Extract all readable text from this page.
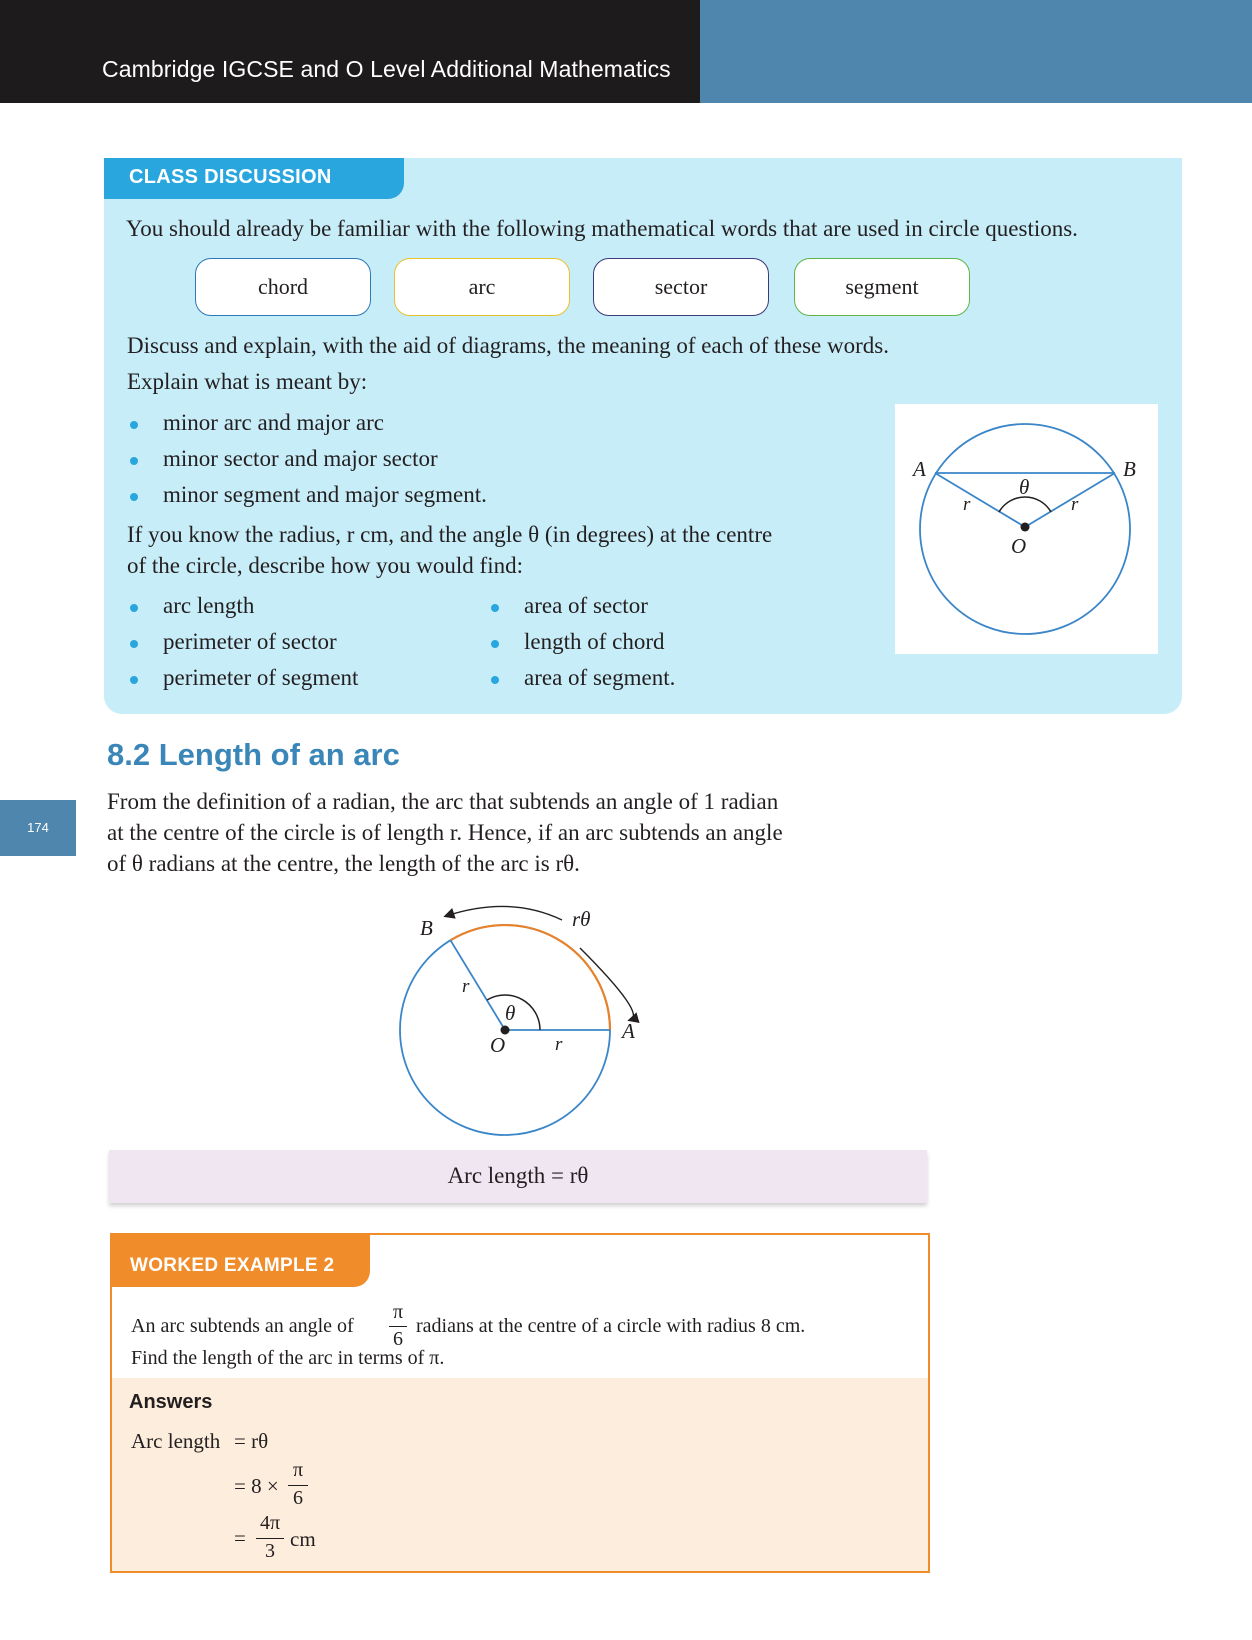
Cambridge IGCSE and O Level Additional Mathematics
CLASS DISCUSSION
You should already be familiar with the following mathematical words that are used in circle questions.
chord	arc	sector	segment
Discuss and explain, with the aid of diagrams, the meaning of each of these words.
Explain what is meant by:
minor arc and major arc
minor sector and major sector
minor segment and major segment.
If you know the radius, r cm, and the angle θ (in degrees) at the centre
of the circle, describe how you would find:
arc length
perimeter of sector
perimeter of segment
area of sector
length of chord
area of segment.
A	B
θ
r	r
O
8.2 Length of an arc
174
From the definition of a radian, the arc that subtends an angle of 1 radian
at the centre of the circle is of length r. Hence, if an arc subtends an angle
of θ radians at the centre, the length of the arc is rθ.
B	rθ
r
θ
O	r
A
Arc length = rθ
WORKED EXAMPLE 2
An arc subtends an angle of
π
6
radians at the centre of a circle with radius 8 cm.
Find the length of the arc in terms of π.
Answers
Arc length = rθ
= 8 ×
π
6
=
4π
3 cm
